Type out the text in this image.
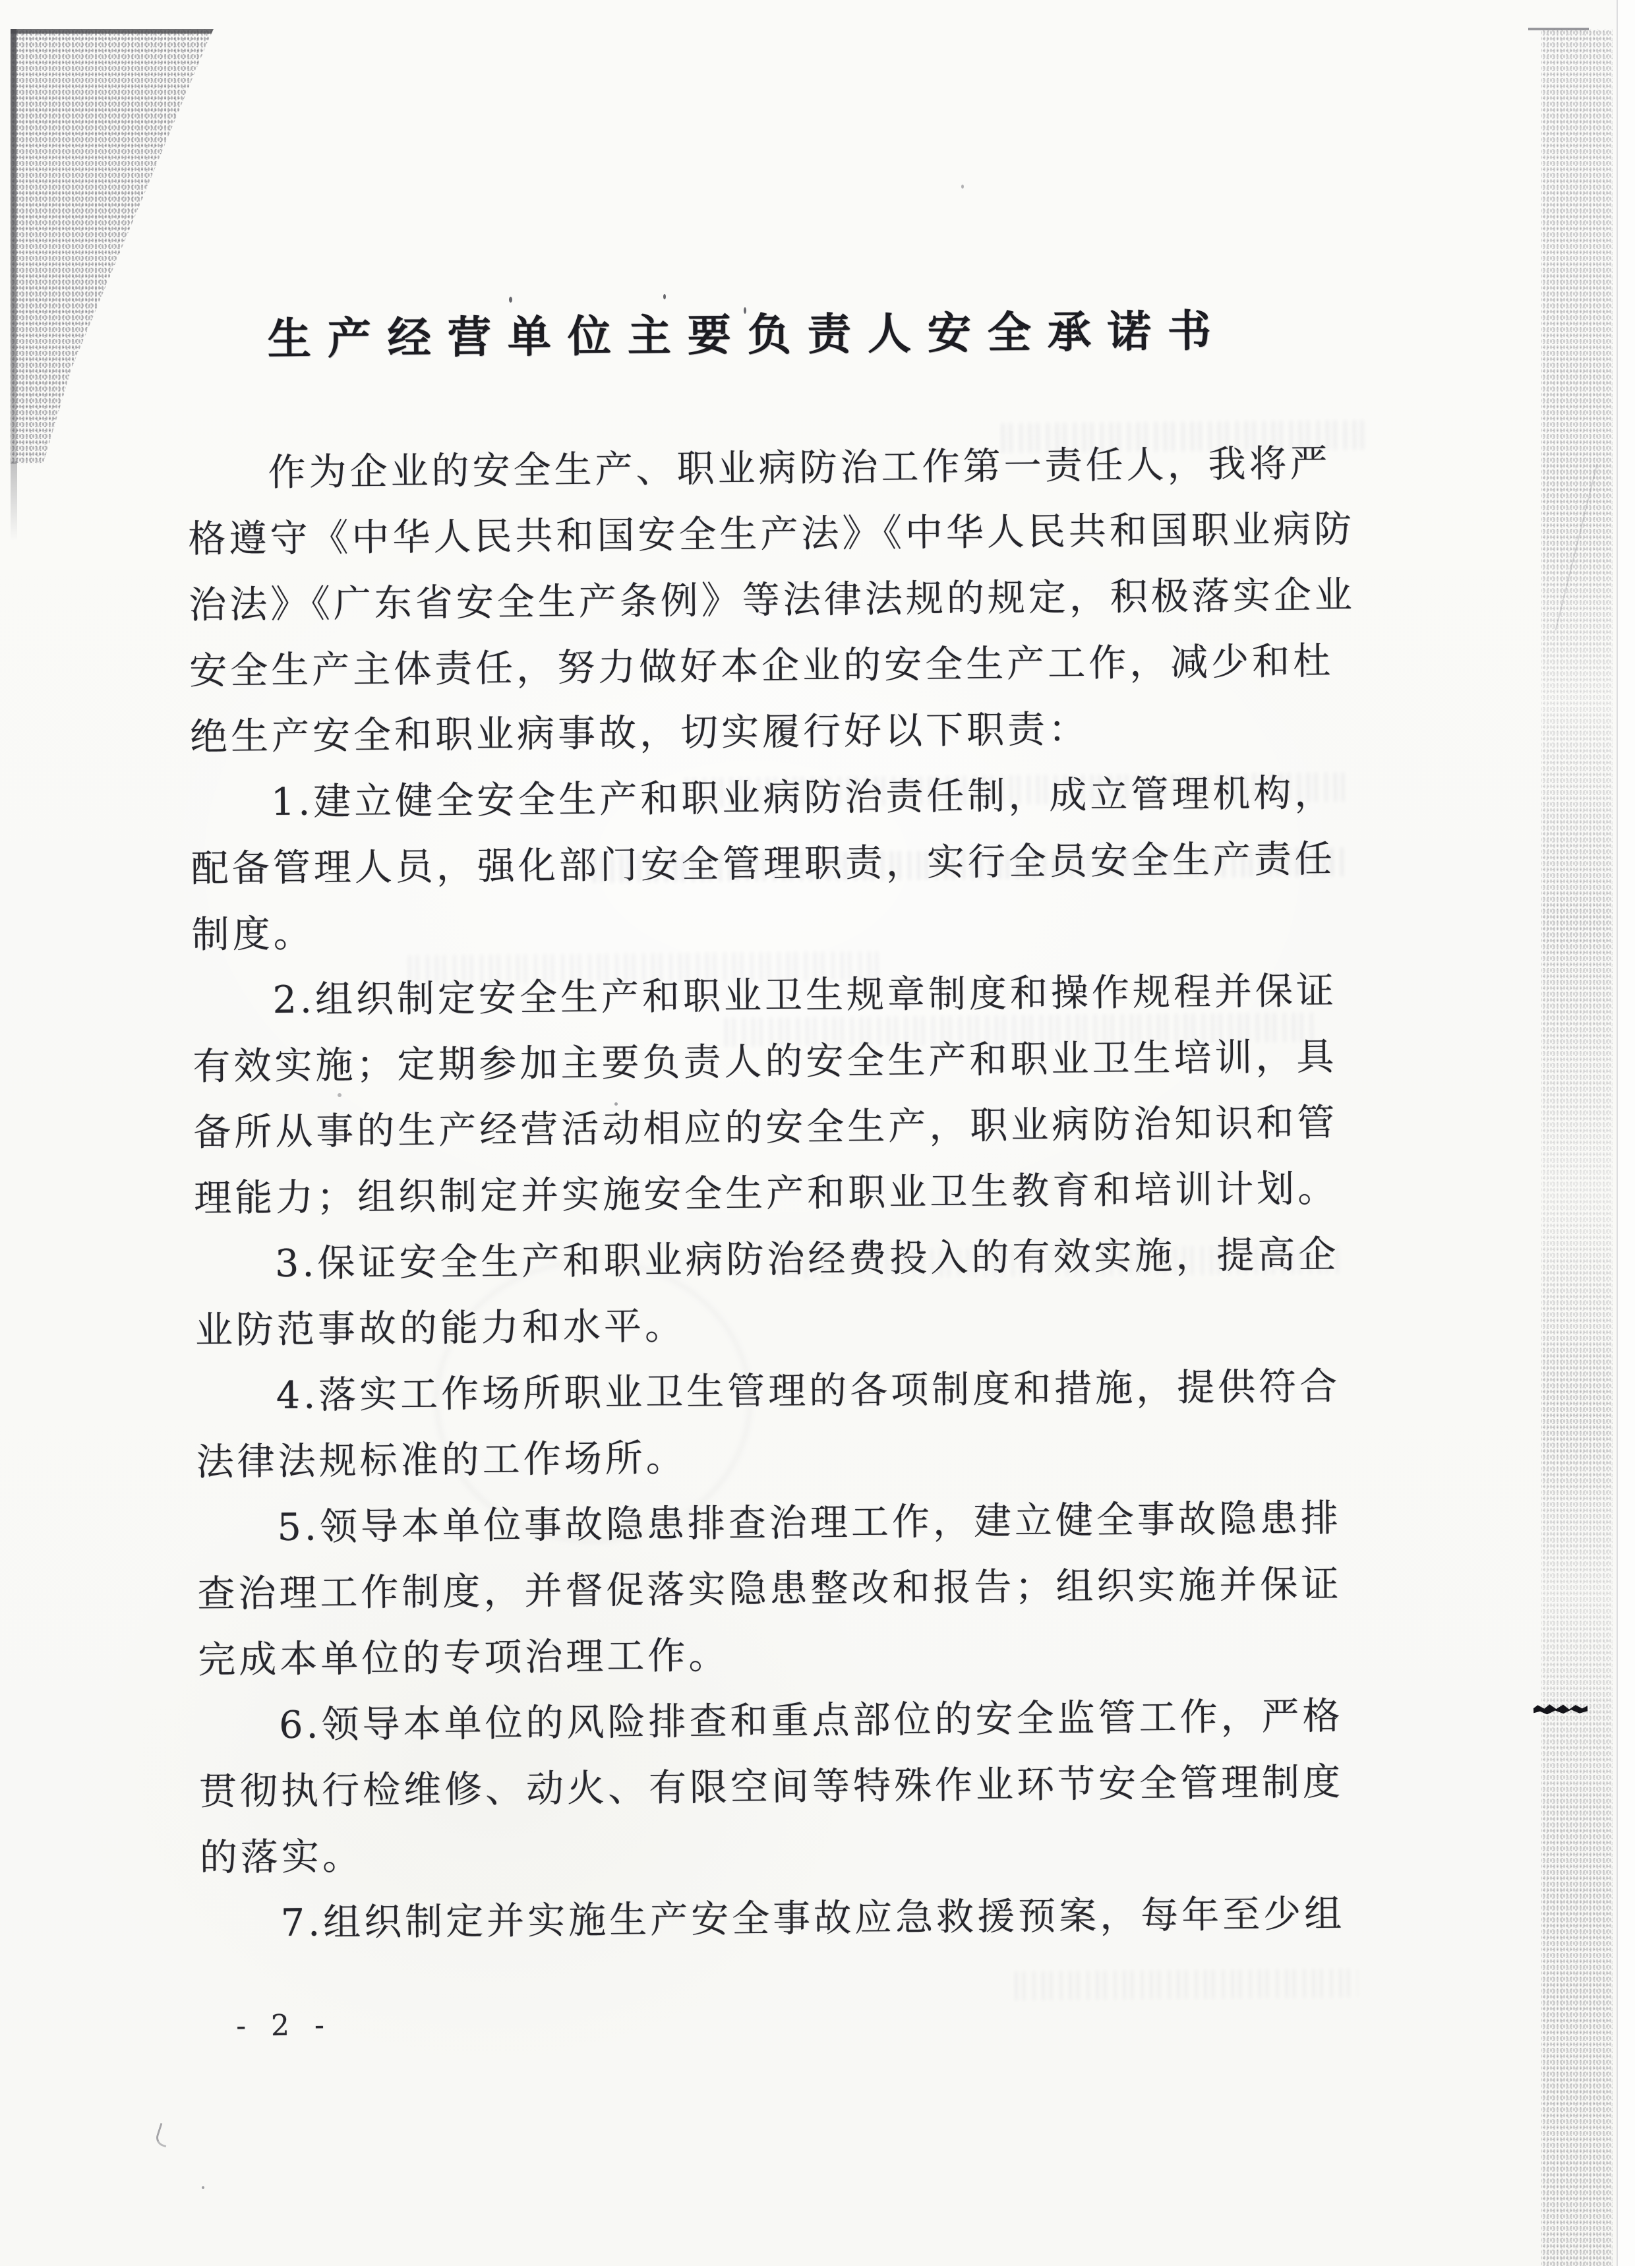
生产经营单位主要负责人安全承诺书
作为企业的安全生产、职业病防治工作第一责任人，我将严
格遵守《中华人民共和国安全生产法》《中华人民共和国职业病防
治法》《广东省安全生产条例》等法律法规的规定，积极落实企业
安全生产主体责任，努力做好本企业的安全生产工作，减少和杜
绝生产安全和职业病事故，切实履行好以下职责：
1.建立健全安全生产和职业病防治责任制，成立管理机构，
配备管理人员，强化部门安全管理职责，实行全员安全生产责任
制度。
2.组织制定安全生产和职业卫生规章制度和操作规程并保证
有效实施；定期参加主要负责人的安全生产和职业卫生培训，具
备所从事的生产经营活动相应的安全生产，职业病防治知识和管
理能力；组织制定并实施安全生产和职业卫生教育和培训计划。
3.保证安全生产和职业病防治经费投入的有效实施，提高企
业防范事故的能力和水平。
4.落实工作场所职业卫生管理的各项制度和措施，提供符合
法律法规标准的工作场所。
5.领导本单位事故隐患排查治理工作，建立健全事故隐患排
查治理工作制度，并督促落实隐患整改和报告；组织实施并保证
完成本单位的专项治理工作。
6.领导本单位的风险排查和重点部位的安全监管工作，严格
贯彻执行检维修、动火、有限空间等特殊作业环节安全管理制度
的落实。
7.组织制定并实施生产安全事故应急救援预案，每年至少组
- 2 -
